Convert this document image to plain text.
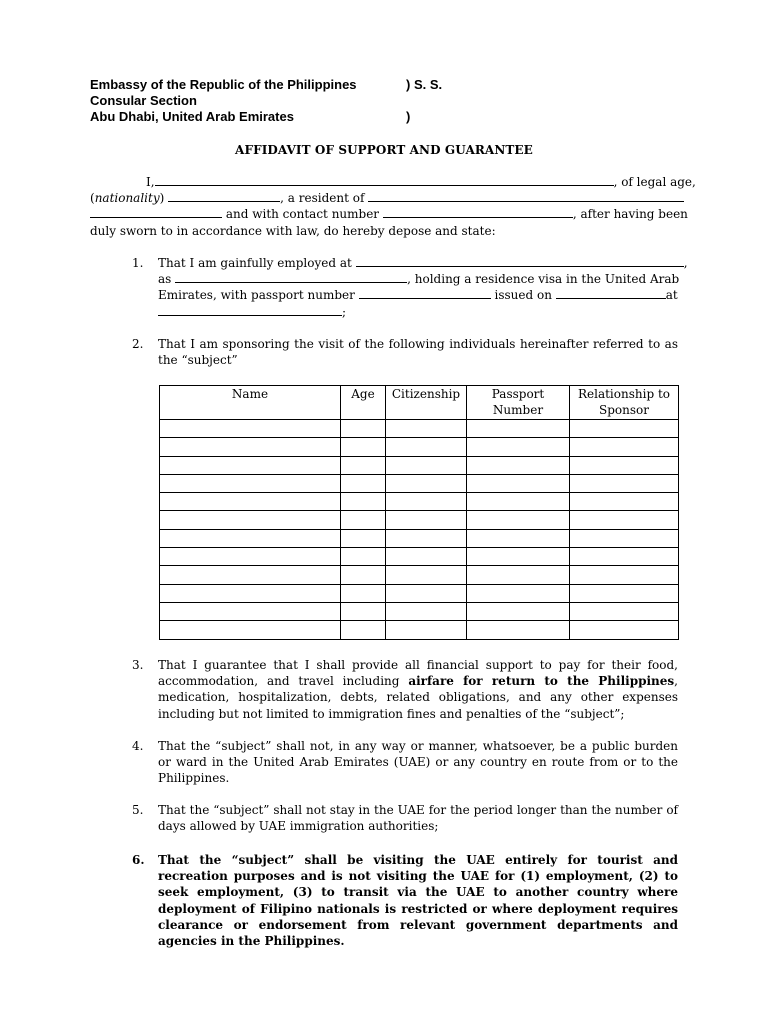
Embassy of the Republic of the Philippines	) S. S.
Consular Section
Abu Dhabi, United Arab Emirates	)
AFFIDAVIT OF SUPPORT AND GUARANTEE
I,	, of legal age,
(nationality)	, a resident of
and with contact number	, after having been
duly sworn to in accordance with law, do hereby depose and state:
1.	That I am gainfully employed at	,
as	, holding a residence visa in the United Arab
Emirates, with passport number	issued on	at
;
2.	That I am sponsoring the visit of the following individuals hereinafter referred to as the “subject”

Name	Age	Citizenship	Passport Number	Relationship to Sponsor

3.	That I guarantee that I shall provide all financial support to pay for their food, accommodation, and travel including airfare for return to the Philippines, medication, hospitalization, debts, related obligations, and any other expenses including but not limited to immigration fines and penalties of the “subject”;

4.	That the “subject” shall not, in any way or manner, whatsoever, be a public burden or ward in the United Arab Emirates (UAE) or any country en route from or to the Philippines.

5.	That the “subject” shall not stay in the UAE for the period longer than the number of days allowed by UAE immigration authorities;

6.	That the “subject” shall be visiting the UAE entirely for tourist and recreation purposes and is not visiting the UAE for (1) employment, (2) to seek employment, (3) to transit via the UAE to another country where deployment of Filipino nationals is restricted or where deployment requires clearance or endorsement from relevant government departments and agencies in the Philippines.
